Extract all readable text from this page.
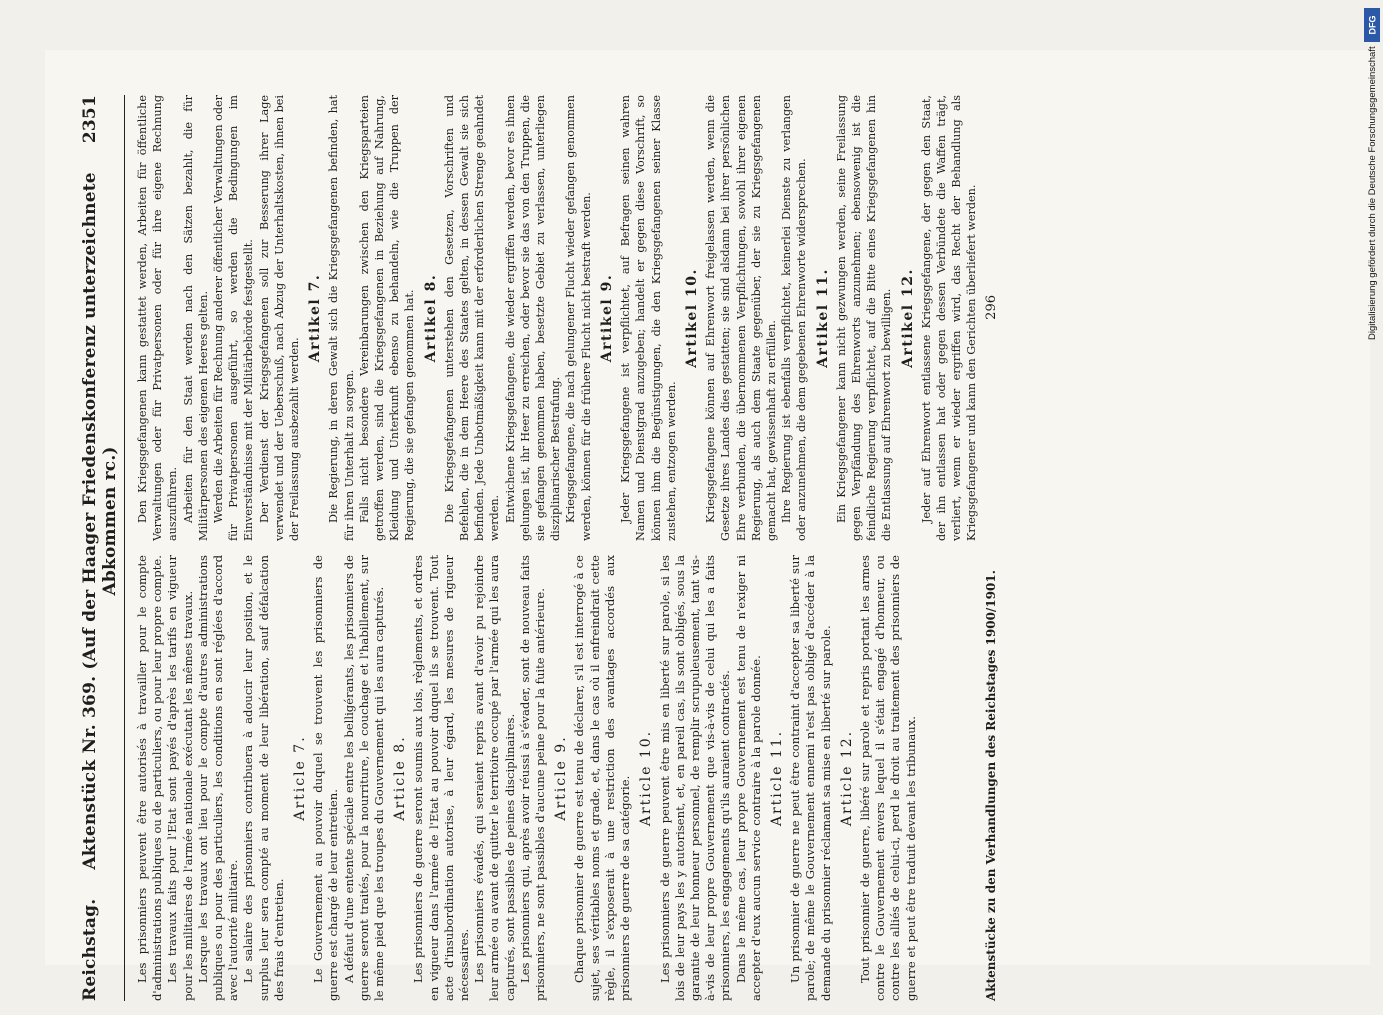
Reichstag.
Aktenstück Nr. 369. (Auf der Haager Friedenskonferenz unterzeichnete Abkommen rc.)
2351

Les prisonniers peuvent être autorisés à travailler pour le compte d'administrations publiques ou de particuliers, ou pour leur propre compte. Les travaux faits pour l'Etat sont payés d'après les tarifs en vigueur pour les militaires de l'armée nationale exécutant les mêmes travaux. Lorsque les travaux ont lieu pour le compte d'autres administrations publiques ou pour des particuliers, les conditions en sont réglées d'accord avec l'autorité militaire. Le salaire des prisonniers contribuera à adoucir leur position, et le surplus leur sera compté au moment de leur libération, sauf défalcation des frais d'entretien.

Article 7. Le Gouvernement au pouvoir duquel se trouvent les prisonniers de guerre est chargé de leur entretien. A défaut d'une entente spéciale entre les belligérants, les prisonniers de guerre seront traités, pour la nourriture, le couchage et l'habillement, sur le même pied que les troupes du Gouvernement qui les aura capturés. Article 8. Les prisonniers de guerre seront soumis aux lois, règlements, et ordres en vigueur dans l'armée de l'Etat au pouvoir duquel ils se trouvent. Tout acte d'insubordination autorise, à leur égard, les mesures de rigueur nécessaires. Les prisonniers évadés, qui seraient repris avant d'avoir pu rejoindre leur armée ou avant de quitter le territoire occupé par l'armée qui les aura capturés, sont passibles de peines disciplinaires. Les prisonniers qui, après avoir réussi à s'évader, sont de nouveau faits prisonniers, ne sont passibles d'aucune peine pour la fuite antérieure. Article 9. Chaque prisonnier de guerre est tenu de déclarer, s'il est interrogé à ce sujet, ses véritables noms et grade, et, dans le cas où il enfreindrait cette règle, il s'exposerait à une restriction des avantages accordés aux prisonniers de guerre de sa catégorie. Article 10. Les prisonniers de guerre peuvent être mis en liberté sur parole, si les lois de leur pays les y autorisent, et, en pareil cas, ils sont obligés, sous la garantie de leur honneur personnel, de remplir scrupuleusement, tant vis-à-vis de leur propre Gouvernement que vis-à-vis de celui qui les a faits prisonniers, les engagements qu'ils auraient contractés. Dans le même cas, leur propre Gouvernement est tenu de n'exiger ni accepter d'eux aucun service contraire à la parole donnée. Article 11. Un prisonnier de guerre ne peut être contraint d'accepter sa liberté sur parole; de même le Gouvernement ennemi n'est pas obligé d'accéder à la demande du prisonnier réclamant sa mise en liberté sur parole. Article 12. Tout prisonnier de guerre, libéré sur parole et repris portant les armes contre le Gouvernement envers lequel il s'était engagé d'honneur, ou contre les alliés de celui-ci, perd le droit au traitement des prisonniers de guerre et peut être traduit devant les tribunaux.

Den Kriegsgefangenen kann gestattet werden, Arbeiten für öffentliche Verwaltungen oder für Privatpersonen oder für ihre eigene Rechnung auszuführen. Arbeiten für den Staat werden nach den Sätzen bezahlt, die für Militärpersonen des eigenen Heeres gelten. Werden die Arbeiten für Rechnung anderer öffentlicher Verwaltungen oder für Privatpersonen ausgeführt, so werden die Bedingungen im Einverständnisse mit der Militärbehörde festgestellt. Der Verdienst der Kriegsgefangenen soll zur Besserung ihrer Lage verwendet und der Ueberschuß, nach Abzug der Unterhaltskosten, ihnen bei der Freilassung ausbezahlt werden.

Artikel 7. Die Regierung, in deren Gewalt sich die Kriegsgefangenen befinden, hat für ihren Unterhalt zu sorgen. Falls nicht besondere Vereinbarungen zwischen den Kriegsparteien getroffen werden, sind die Kriegsgefangenen in Beziehung auf Nahrung, Kleidung und Unterkunft ebenso zu behandeln, wie die Truppen der Regierung, die sie gefangen genommen hat. Artikel 8. Die Kriegsgefangenen unterstehen den Gesetzen, Vorschriften und Befehlen, die in dem Heere des Staates gelten, in dessen Gewalt sie sich befinden. Jede Unbotmäßigkeit kann mit der erforderlichen Strenge geahndet werden. Entwichene Kriegsgefangene, die wieder ergriffen werden, bevor es ihnen gelungen ist, ihr Heer zu erreichen, oder bevor sie das von den Truppen, die sie gefangen genommen haben, besetzte Gebiet zu verlassen, unterliegen disziplinarischer Bestrafung. Kriegsgefangene, die nach gelungener Flucht wieder gefangen genommen werden, können für die frühere Flucht nicht bestraft werden. Artikel 9. Jeder Kriegsgefangene ist verpflichtet, auf Befragen seinen wahren Namen und Dienstgrad anzugeben; handelt er gegen diese Vorschrift, so können ihm die Begünstigungen, die den Kriegsgefangenen seiner Klasse zustehen, entzogen werden.

Artikel 10. Kriegsgefangene können auf Ehrenwort freigelassen werden, wenn die Gesetze ihres Landes dies gestatten; sie sind alsdann bei ihrer persönlichen Ehre verbunden, die übernommenen Verpflichtungen, sowohl ihrer eigenen Regierung, als auch dem Staate gegenüber, der sie zu Kriegsgefangenen gemacht hat, gewissenhaft zu erfüllen. Ihre Regierung ist ebenfalls verpflichtet, keinerlei Dienste zu verlangen oder anzunehmen, die dem gegebenen Ehrenworte widersprechen. Artikel 11. Ein Kriegsgefangener kann nicht gezwungen werden, seine Freilassung gegen Verpfändung des Ehrenworts anzunehmen; ebensowenig ist die feindliche Regierung verpflichtet, auf die Bitte eines Kriegsgefangenen hin die Entlassung auf Ehrenwort zu bewilligen. Artikel 12. Jeder auf Ehrenwort entlassene Kriegsgefangene, der gegen den Staat, der ihn entlassen hat oder gegen dessen Verbündete die Waffen trägt, verliert, wenn er wieder ergriffen wird, das Recht der Behandlung als Kriegsgefangener und kann den Gerichten überliefert werden.

Aktenstücke zu den Verhandlungen des Reichstages 1900/1901.
296
DFG
Digitalisierung gefördert durch die Deutsche Forschungsgemeinschaft
